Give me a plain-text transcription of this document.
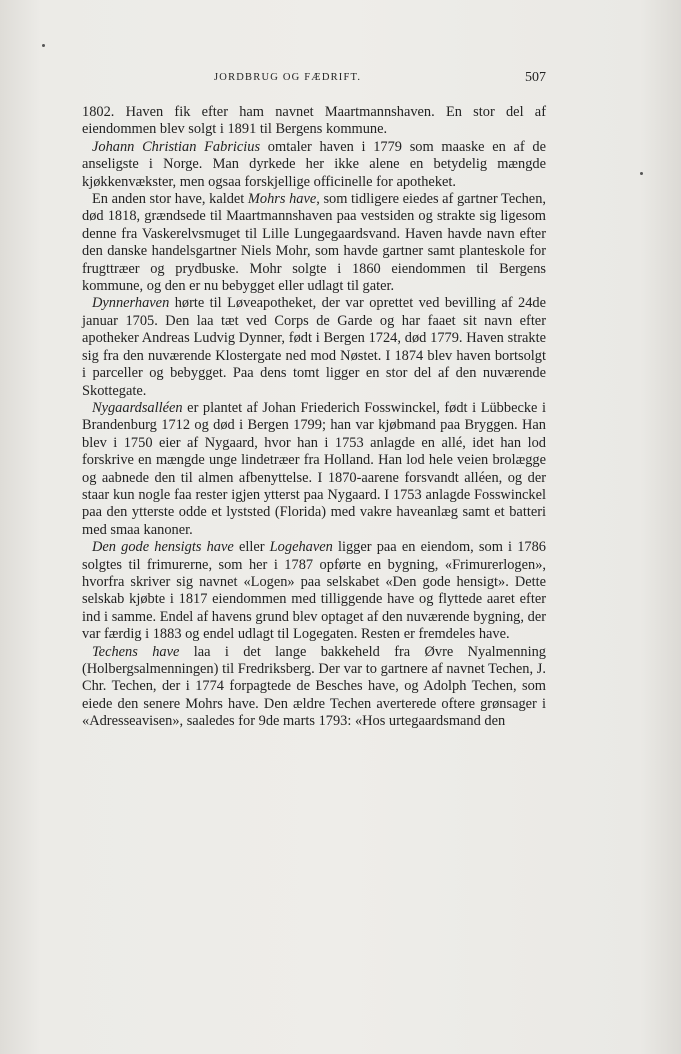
JORDBRUG OG FÆDRIFT.	507

1802. Haven fik efter ham navnet Maartmannshaven. En stor del af eiendommen blev solgt i 1891 til Bergens kommune.

Johann Christian Fabricius omtaler haven i 1779 som maaske en af de anseligste i Norge. Man dyrkede her ikke alene en betydelig mængde kjøkkenvækster, men ogsaa forskjellige officinelle for apotheket.

En anden stor have, kaldet Mohrs have, som tidligere eiedes af gartner Techen, død 1818, grændsede til Maartmannshaven paa vestsiden og strakte sig ligesom denne fra Vaskerelvsmuget til Lille Lungegaardsvand. Haven havde navn efter den danske handelsgartner Niels Mohr, som havde gartner samt planteskole for frugttræer og prydbuske. Mohr solgte i 1860 eiendommen til Bergens kommune, og den er nu bebygget eller udlagt til gater.

Dynnerhaven hørte til Løveapotheket, der var oprettet ved bevilling af 24de januar 1705. Den laa tæt ved Corps de Garde og har faaet sit navn efter apotheker Andreas Ludvig Dynner, født i Bergen 1724, død 1779. Haven strakte sig fra den nuværende Klostergate ned mod Nøstet. I 1874 blev haven bortsolgt i parceller og bebygget. Paa dens tomt ligger en stor del af den nuværende Skottegate.

Nygaardsalléen er plantet af Johan Friederich Fosswinckel, født i Lübbecke i Brandenburg 1712 og død i Bergen 1799; han var kjøbmand paa Bryggen. Han blev i 1750 eier af Nygaard, hvor han i 1753 anlagde en allé, idet han lod forskrive en mængde unge lindetræer fra Holland. Han lod hele veien brolægge og aabnede den til almen afbenyttelse. I 1870-aarene forsvandt alléen, og der staar kun nogle faa rester igjen ytterst paa Nygaard. I 1753 anlagde Fosswinckel paa den ytterste odde et lyststed (Florida) med vakre haveanlæg samt et batteri med smaa kanoner.

Den gode hensigts have eller Logehaven ligger paa en eiendom, som i 1786 solgtes til frimurerne, som her i 1787 opførte en bygning, «Frimurerlogen», hvorfra skriver sig navnet «Logen» paa selskabet «Den gode hensigt». Dette selskab kjøbte i 1817 eiendommen med tilliggende have og flyttede aaret efter ind i samme. Endel af havens grund blev optaget af den nuværende bygning, der var færdig i 1883 og endel udlagt til Logegaten. Resten er fremdeles have.

Techens have laa i det lange bakkeheld fra Øvre Nyalmenning (Holbergsalmenningen) til Fredriksberg. Der var to gartnere af navnet Techen, J. Chr. Techen, der i 1774 forpagtede de Besches have, og Adolph Techen, som eiede den senere Mohrs have. Den ældre Techen averterede oftere grønsager i «Adresseavisen», saaledes for 9de marts 1793: «Hos urtegaardsmand den
